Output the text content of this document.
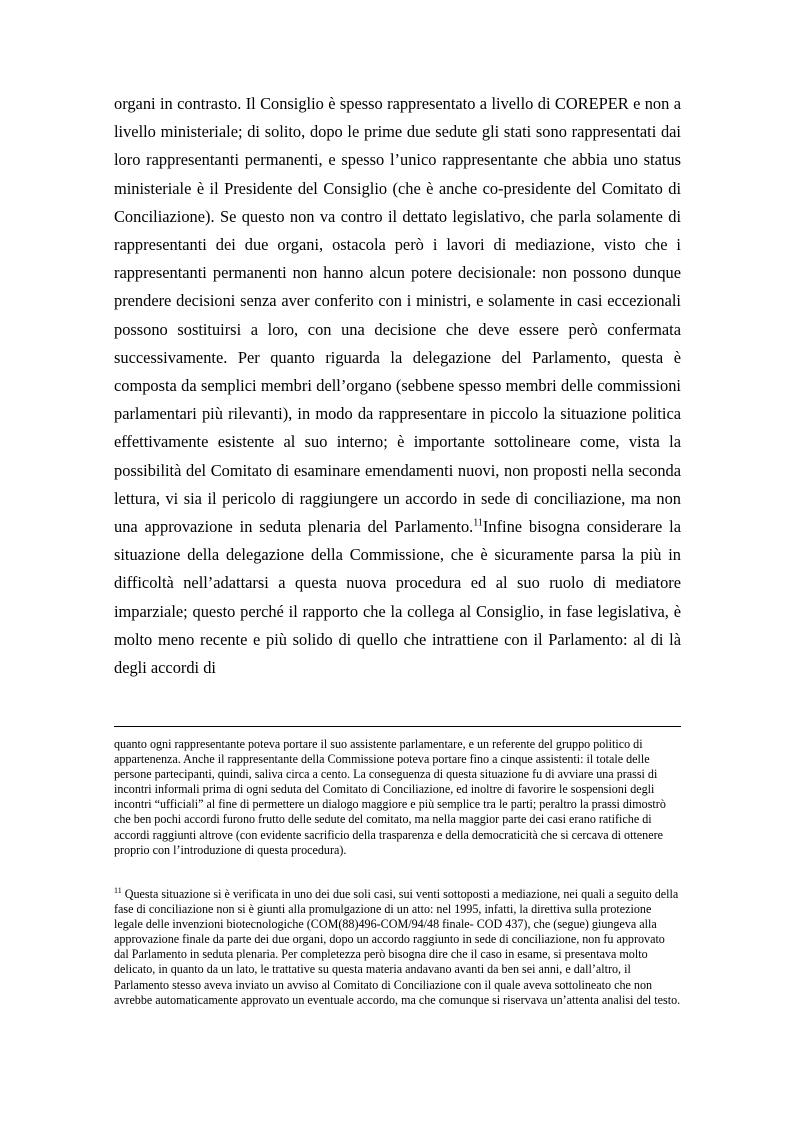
organi in contrasto. Il Consiglio è spesso rappresentato a livello di COREPER e non a livello ministeriale; di solito, dopo le prime due sedute gli stati sono rappresentati dai loro rappresentanti permanenti, e spesso l’unico rappresentante che abbia uno status ministeriale è il Presidente del Consiglio (che è anche co-presidente del Comitato di Conciliazione). Se questo non va contro il dettato legislativo, che parla solamente di rappresentanti dei due organi, ostacola però i lavori di mediazione, visto che i rappresentanti permanenti non hanno alcun potere decisionale: non possono dunque prendere decisioni senza aver conferito con i ministri, e solamente in casi eccezionali possono sostituirsi a loro, con una decisione che deve essere però confermata successivamente. Per quanto riguarda la delegazione del Parlamento, questa è composta da semplici membri dell’organo (sebbene spesso membri delle commissioni parlamentari più rilevanti), in modo da rappresentare in piccolo la situazione politica effettivamente esistente al suo interno; è importante sottolineare come, vista la possibilità del Comitato di esaminare emendamenti nuovi, non proposti nella seconda lettura, vi sia il pericolo di raggiungere un accordo in sede di conciliazione, ma non una approvazione in seduta plenaria del Parlamento.$^{11}$Infine bisogna considerare la situazione della delegazione della Commissione, che è sicuramente parsa la più in difficoltà nell’adattarsi a questa nuova procedura ed al suo ruolo di mediatore imparziale; questo perché il rapporto che la collega al Consiglio, in fase legislativa, è molto meno recente e più solido di quello che intrattiene con il Parlamento: al di là degli accordi di

quanto ogni rappresentante poteva portare il suo assistente parlamentare, e un referente del gruppo politico di appartenenza. Anche il rappresentante della Commissione poteva portare fino a cinque assistenti: il totale delle persone partecipanti, quindi, saliva circa a cento. La conseguenza di questa situazione fu di avviare una prassi di incontri informali prima di ogni seduta del Comitato di Conciliazione, ed inoltre di favorire le sospensioni degli incontri “ufficiali” al fine di permettere un dialogo maggiore e più semplice tra le parti; peraltro la prassi dimostrò che ben pochi accordi furono frutto delle sedute del comitato, ma nella maggior parte dei casi erano ratifiche di accordi raggiunti altrove (con evidente sacrificio della trasparenza e della democraticità che si cercava di ottenere proprio con l’introduzione di questa procedura).

$^{11}$ Questa situazione si è verificata in uno dei due soli casi, sui venti sottoposti a mediazione, nei quali a seguito della fase di conciliazione non si è giunti alla promulgazione di un atto: nel 1995, infatti, la direttiva sulla protezione legale delle invenzioni biotecnologiche (COM(88)496-COM/94/48 finale- COD 437), che (segue) giungeva alla approvazione finale da parte dei due organi, dopo un accordo raggiunto in sede di conciliazione, non fu approvato dal Parlamento in seduta plenaria. Per completezza però bisogna dire che il caso in esame, si presentava molto delicato, in quanto da un lato, le trattative su questa materia andavano avanti da ben sei anni, e dall’altro, il Parlamento stesso aveva inviato un avviso al Comitato di Conciliazione con il quale aveva sottolineato che non avrebbe automaticamente approvato un eventuale accordo, ma che comunque si riservava un’attenta analisi del testo.
